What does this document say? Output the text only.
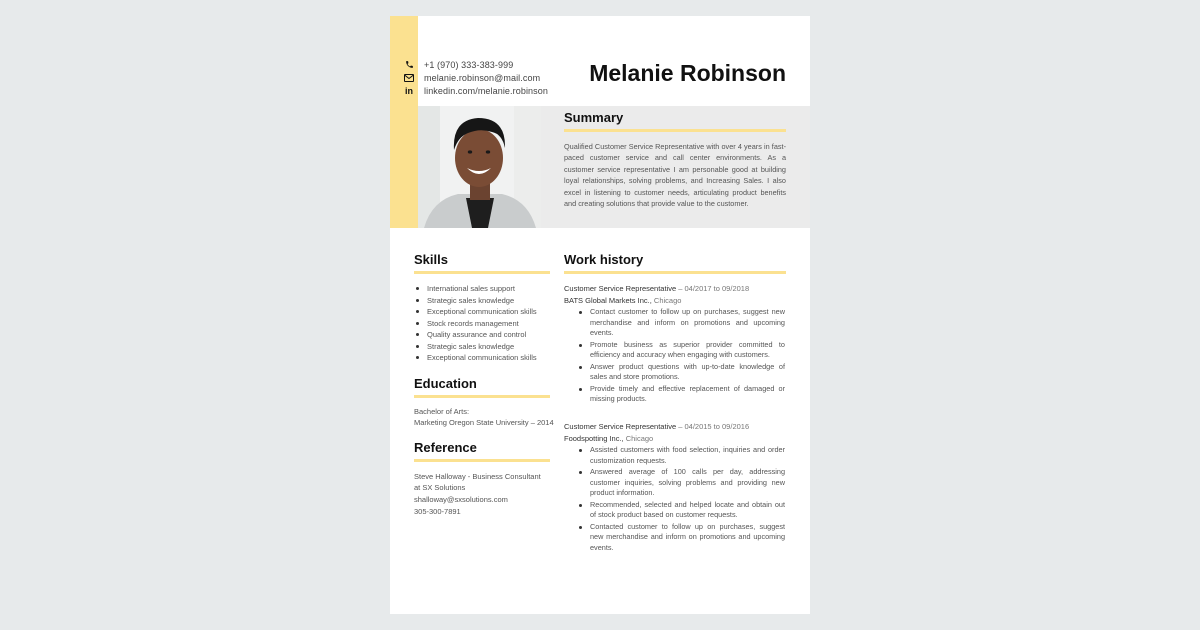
+1 (970) 333-383-999
melanie.robinson@mail.com
in	linkedin.com/melanie.robinson
Melanie Robinson
Summary
Qualified Customer Service Representative with over 4 years in fast-paced customer service and call center environments. As a customer service representative I am personable good at building loyal relationships, solving problems, and Increasing Sales. I also excel in listening to customer needs, articulating product benefits and creating solutions that provide value to the customer.
Skills
International sales support
Strategic sales knowledge
Exceptional communication skills
Stock records management
Quality assurance and control
Strategic sales knowledge
Exceptional communication skills
Education
Bachelor of Arts:
Marketing Oregon State University – 2014
Reference
Steve Halloway - Business Consultant
at SX Solutions
shalloway@sxsolutions.com
305-300-7891
Work history
Customer Service Representative – 04/2017 to 09/2018
BATS Global Markets Inc., Chicago
Contact customer to follow up on purchases, suggest new merchandise and inform on promotions and upcoming events.
Promote business as superior provider committed to efficiency and accuracy when engaging with customers.
Answer product questions with up-to-date knowledge of sales and store promotions.
Provide timely and effective replacement of damaged or missing products.
Customer Service Representative – 04/2015 to 09/2016
Foodspotting Inc., Chicago
Assisted customers with food selection, inquiries and order customization requests.
Answered average of 100 calls per day, addressing customer inquiries, solving problems and providing new product information.
Recommended, selected and helped locate and obtain out of stock product based on customer requests.
Contacted customer to follow up on purchases, suggest new merchandise and inform on promotions and upcoming events.
